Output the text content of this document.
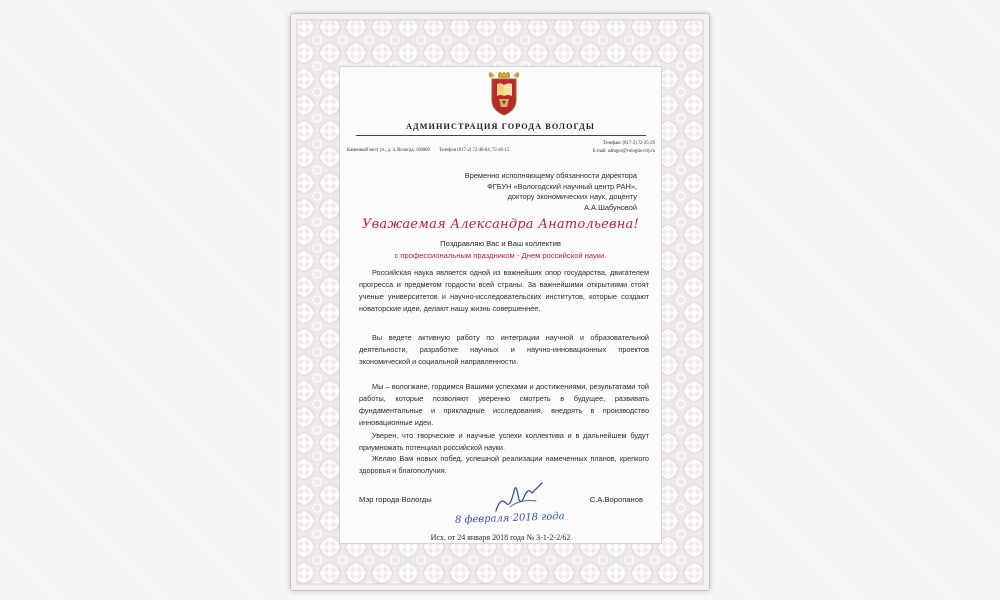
АДМИНИСТРАЦИЯ ГОРОДА ВОЛОГДЫ
Каменный мост ул., д. 4, Вологда, 160000 Телефон (817-2) 72-48-84, 72-46-15
Телефакс (817-2) 72-25-29
E-mail: admgor@vologda-city.ru
Временно исполняющему обязанности директора
ФГБУН «Вологодский научный центр РАН»,
доктору экономических наук, доценту
А.А.Шабуновой
Уважаемая Александра Анатольевна!
Поздравляю Вас и Ваш коллектив
с профессиональным праздником - Днем российской науки.
Российская наука является одной из важнейших опор государства, двигателем прогресса и предметом гордости всей страны. За важнейшими открытиями стоят ученые университетов и научно-исследовательских институтов, которые создают новаторские идеи, делают нашу жизнь совершеннее.
Вы ведете активную работу по интеграции научной и образовательной деятельности, разработке научных и научно-инновационных проектов экономической и социальной направленности.
Мы – вологжане, гордимся Вашими успехами и достижениями, результатами той работы, которые позволяют уверенно смотреть в будущее, развивать фундаментальные и прикладные исследования, внедрять в производство инновационные идеи.
Уверен, что творческие и научные успехи коллектива и в дальнейшем будут приумножать потенциал российской науки.
Желаю Вам новых побед, успешной реализации намеченных планов, крепкого здоровья и благополучия.
Мэр города Вологды	С.А.Воропанов
8 февраля 2018 года
Исх. от 24 января 2018 года № 3-1-2-2/62
